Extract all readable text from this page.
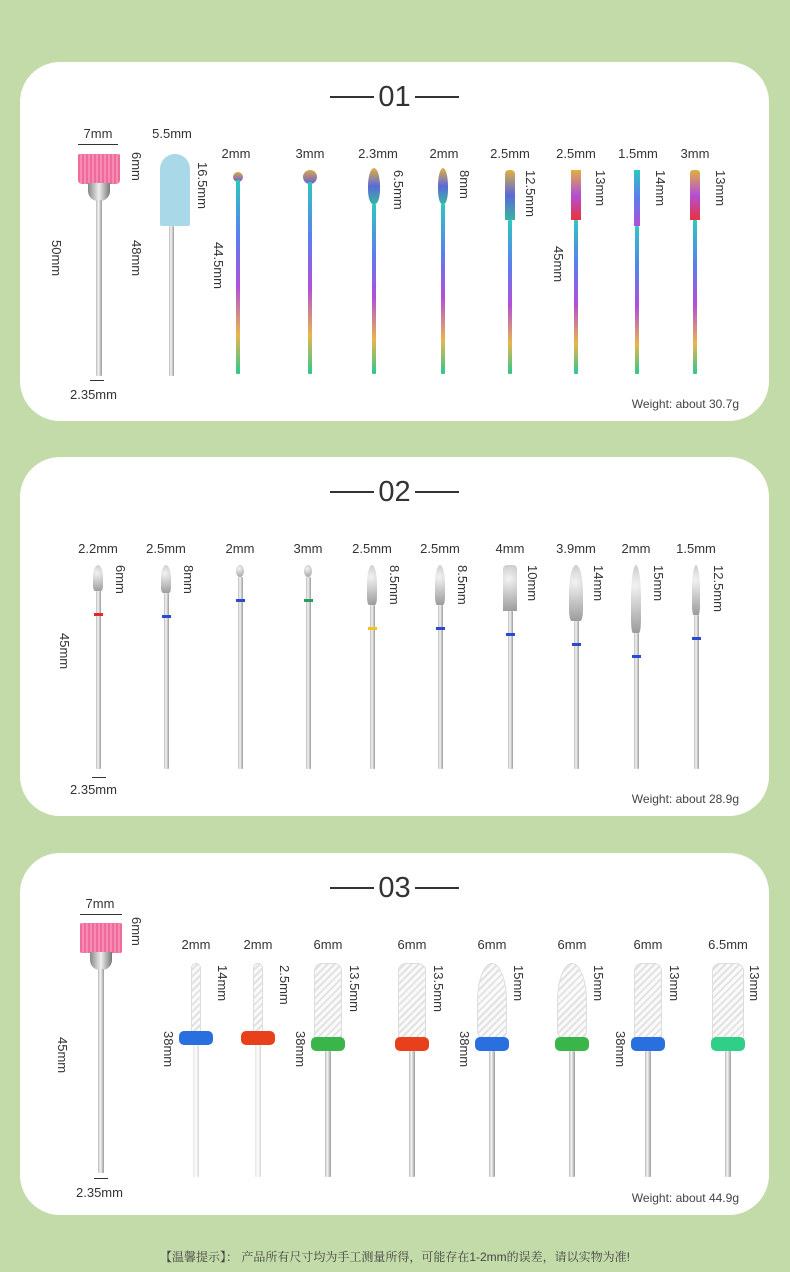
01
7mm
6mm
50mm
2.35mm
5.5mm
16.5mm
48mm
2mm
44.5mm
3mm	2.3mm
6.5mm
2mm
8mm
2.5mm
12.5mm
2.5mm
13mm
45mm
1.5mm
14mm
3mm
13mm
Weight: about 30.7g
02
2.2mm
6mm
2.5mm
8mm
2mm	3mm 2.5mm
8.5mm
2.5mm
8.5mm
4mm
10mm
3.9mm
14mm
2mm
15mm
1.5mm
12.5mm
45mm
2.35mm
Weight: about 28.9g
03
7mm
6mm
45mm
2.35mm
2mm
14mm
38mm
2mm
2.5mm
6mm
13.5mm
38mm
6mm
13.5mm
6mm
15mm
38mm
6mm
15mm
6mm
13mm
38mm
6.5mm
13mm
Weight: about 44.9g
【温馨提示】： 产品所有尺寸均为手工测量所得，可能存在1-2mm的误差，请以实物为准!
